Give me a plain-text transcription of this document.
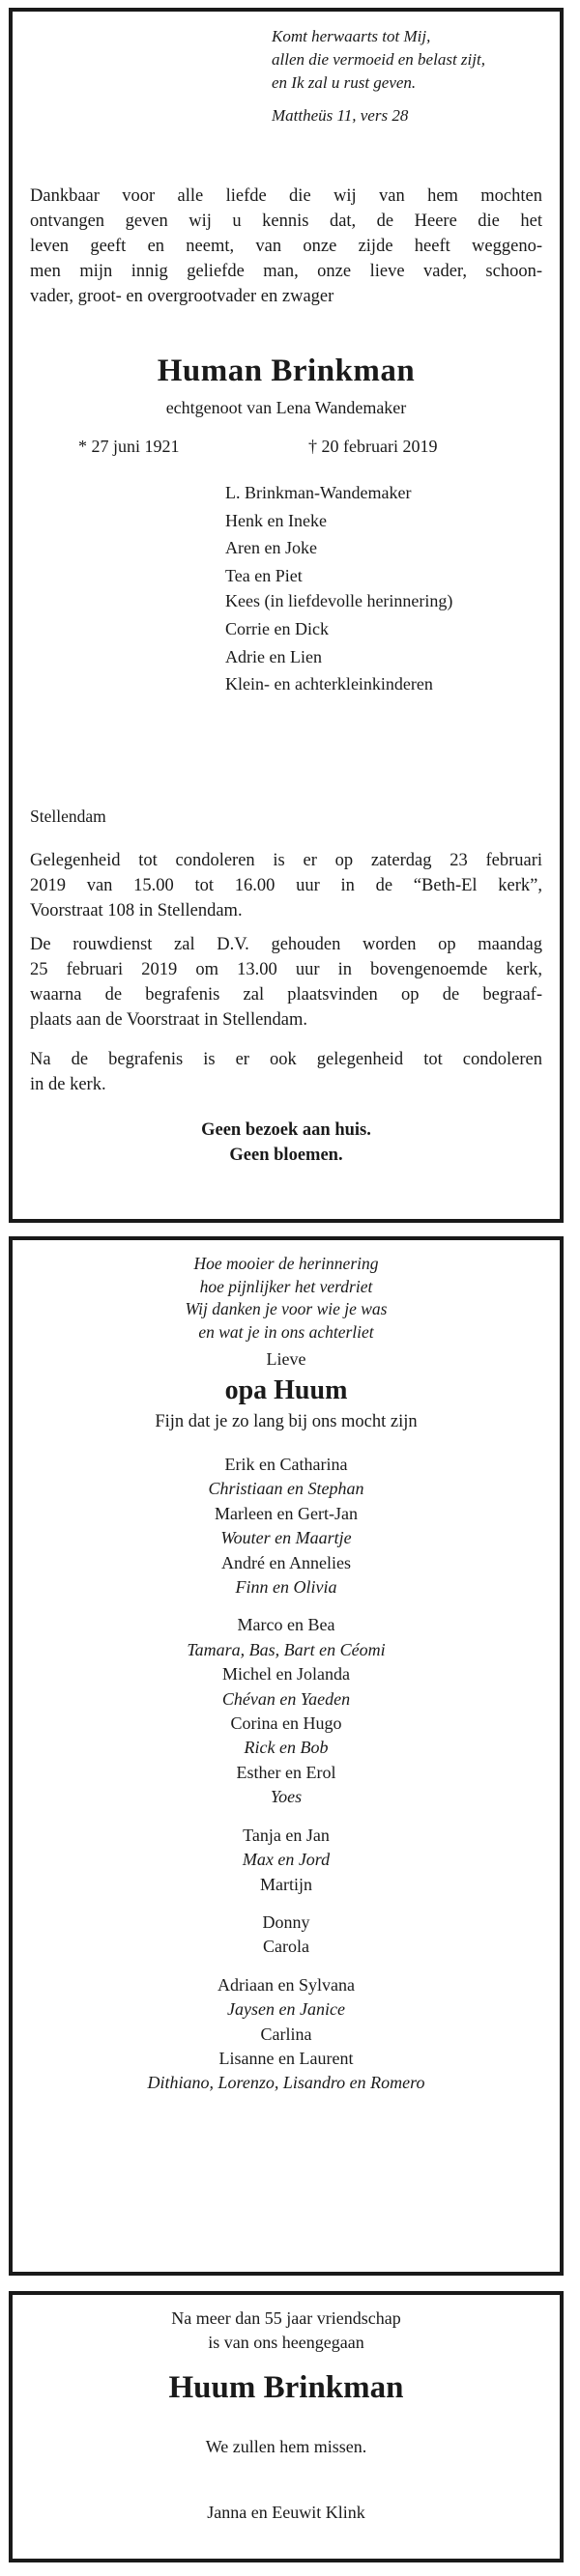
Komt herwaarts tot Mij,
allen die vermoeid en belast zijt,
en Ik zal u rust geven.
Mattheüs 11, vers 28
Dankbaar voor alle liefde die wij van hem mochten
ontvangen geven wij u kennis dat, de Heere die het
leven geeft en neemt, van onze zijde heeft weggeno-
men mijn innig geliefde man, onze lieve vader, schoon-
vader, groot- en overgrootvader en zwager
Human Brinkman
echtgenoot van Lena Wandemaker
* 27 juni 1921	† 20 februari 2019
L. Brinkman-Wandemaker
Henk en Ineke
Aren en Joke
Tea en Piet
Kees (in liefdevolle herinnering)
Corrie en Dick
Adrie en Lien
Klein- en achterkleinkinderen
Stellendam
Gelegenheid tot condoleren is er op zaterdag 23 februari
2019 van 15.00 tot 16.00 uur in de “Beth-El kerk”,
Voorstraat 108 in Stellendam.
De rouwdienst zal D.V. gehouden worden op maandag
25 februari 2019 om 13.00 uur in bovengenoemde kerk,
waarna de begrafenis zal plaatsvinden op de begraaf-
plaats aan de Voorstraat in Stellendam.
Na de begrafenis is er ook gelegenheid tot condoleren
in de kerk.
Geen bezoek aan huis.
Geen bloemen.
Hoe mooier de herinnering
hoe pijnlijker het verdriet
Wij danken je voor wie je was
en wat je in ons achterliet
Lieve
opa Huum
Fijn dat je zo lang bij ons mocht zijn
Erik en Catharina
Christiaan en Stephan
Marleen en Gert-Jan
Wouter en Maartje
André en Annelies
Finn en Olivia
Marco en Bea
Tamara, Bas, Bart en Céomi
Michel en Jolanda
Chévan en Yaeden
Corina en Hugo
Rick en Bob
Esther en Erol
Yoes
Tanja en Jan
Max en Jord
Martijn
Donny
Carola
Adriaan en Sylvana
Jaysen en Janice
Carlina
Lisanne en Laurent
Dithiano, Lorenzo, Lisandro en Romero
Na meer dan 55 jaar vriendschap
is van ons heengegaan
Huum Brinkman
We zullen hem missen.
Janna en Eeuwit Klink
